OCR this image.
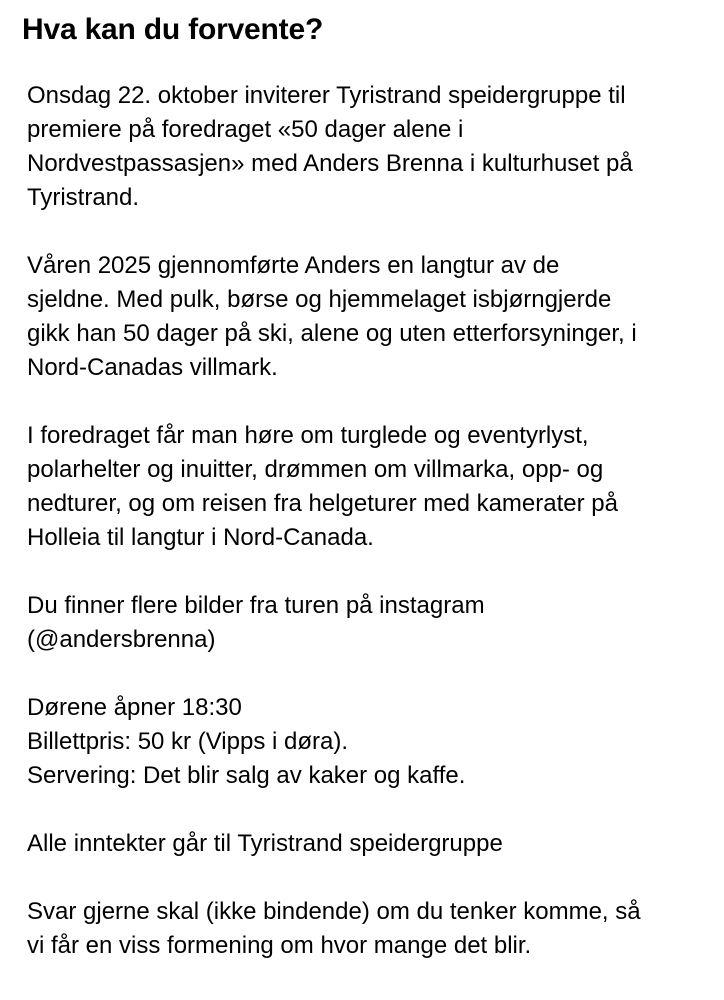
Hva kan du forvente?

Onsdag 22. oktober inviterer Tyristrand speidergruppe til
premiere på foredraget «50 dager alene i
Nordvestpassasjen» med Anders Brenna i kulturhuset på
Tyristrand.

Våren 2025 gjennomførte Anders en langtur av de
sjeldne. Med pulk, børse og hjemmelaget isbjørngjerde
gikk han 50 dager på ski, alene og uten etterforsyninger, i
Nord-Canadas villmark.

I foredraget får man høre om turglede og eventyrlyst,
polarhelter og inuitter, drømmen om villmarka, opp- og
nedturer, og om reisen fra helgeturer med kamerater på
Holleia til langtur i Nord-Canada.

Du finner flere bilder fra turen på instagram
(@andersbrenna)

Dørene åpner 18:30
Billettpris: 50 kr (Vipps i døra).
Servering: Det blir salg av kaker og kaffe.

Alle inntekter går til Tyristrand speidergruppe

Svar gjerne skal (ikke bindende) om du tenker komme, så
vi får en viss formening om hvor mange det blir.
